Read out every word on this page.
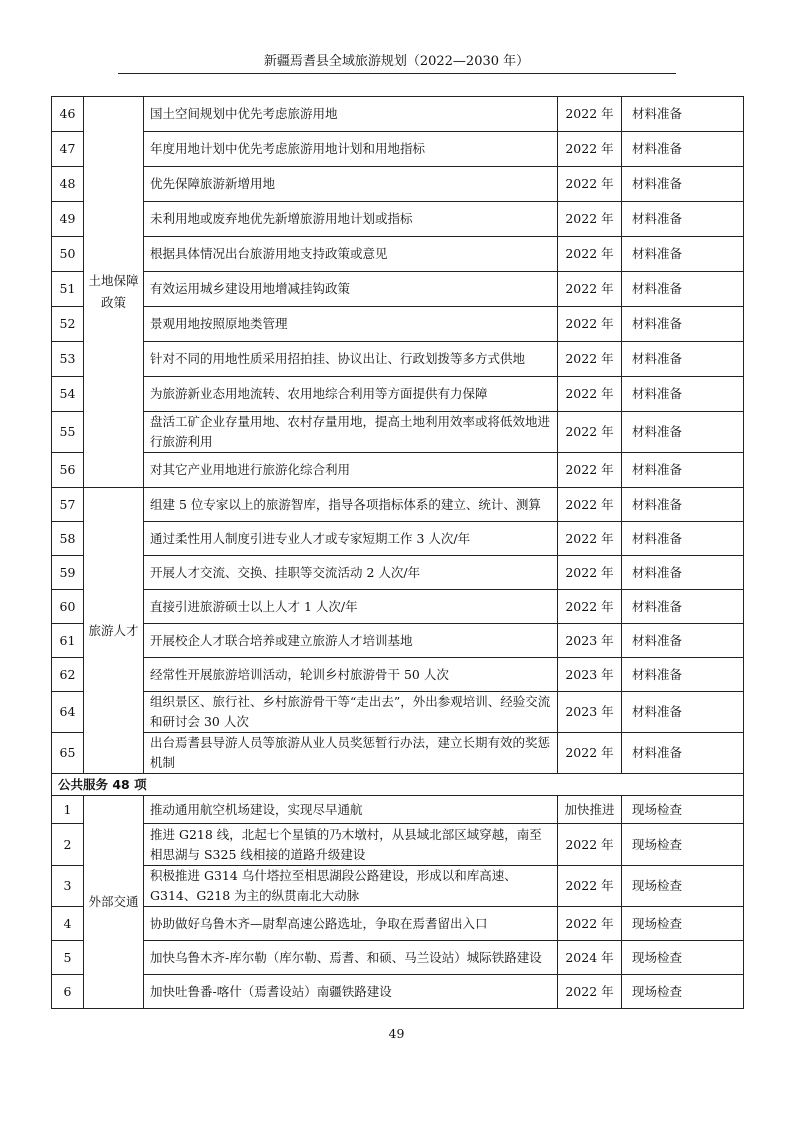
新疆焉耆县全域旅游规划（2022—2030 年）
46	土地保障政策	国土空间规划中优先考虑旅游用地	2022 年	材料准备
47		年度用地计划中优先考虑旅游用地计划和用地指标	2022 年	材料准备
48		优先保障旅游新增用地	2022 年	材料准备
49		未利用地或废弃地优先新增旅游用地计划或指标	2022 年	材料准备
50		根据具体情况出台旅游用地支持政策或意见	2022 年	材料准备
51		有效运用城乡建设用地增减挂钩政策	2022 年	材料准备
52		景观用地按照原地类管理	2022 年	材料准备
53		针对不同的用地性质采用招拍挂、协议出让、行政划拨等多方式供地	2022 年	材料准备
54		为旅游新业态用地流转、农用地综合利用等方面提供有力保障	2022 年	材料准备
55		盘活工矿企业存量用地、农村存量用地，提高土地利用效率或将低效地进行旅游利用	2022 年	材料准备
56		对其它产业用地进行旅游化综合利用	2022 年	材料准备
57	旅游人才	组建 5 位专家以上的旅游智库，指导各项指标体系的建立、统计、测算	2022 年	材料准备
58		通过柔性用人制度引进专业人才或专家短期工作 3 人次/年	2022 年	材料准备
59		开展人才交流、交换、挂职等交流活动 2 人次/年	2022 年	材料准备
60		直接引进旅游硕士以上人才 1 人次/年	2022 年	材料准备
61		开展校企人才联合培养或建立旅游人才培训基地	2023 年	材料准备
62		经常性开展旅游培训活动，轮训乡村旅游骨干 50 人次	2023 年	材料准备
64		组织景区、旅行社、乡村旅游骨干等“走出去”，外出参观培训、经验交流和研讨会 30 人次	2023 年	材料准备
65		出台焉耆县导游人员等旅游从业人员奖惩暂行办法，建立长期有效的奖惩机制	2022 年	材料准备
公共服务 48 项				
1	外部交通	推动通用航空机场建设，实现尽早通航	加快推进	现场检查
2		推进 G218 线，北起七个星镇的乃木墩村，从县域北部区域穿越，南至相思湖与 S325 线相接的道路升级建设	2022 年	现场检查
3		积极推进 G314 乌什塔拉至相思湖段公路建设，形成以和库高速、G314、G218 为主的纵贯南北大动脉	2022 年	现场检查
4		协助做好乌鲁木齐—尉犁高速公路选址，争取在焉耆留出入口	2022 年	现场检查
5		加快乌鲁木齐-库尔勒（库尔勒、焉耆、和硕、马兰设站）城际铁路建设	2024 年	现场检查
6		加快吐鲁番-喀什（焉耆设站）南疆铁路建设	2022 年	现场检查
49
